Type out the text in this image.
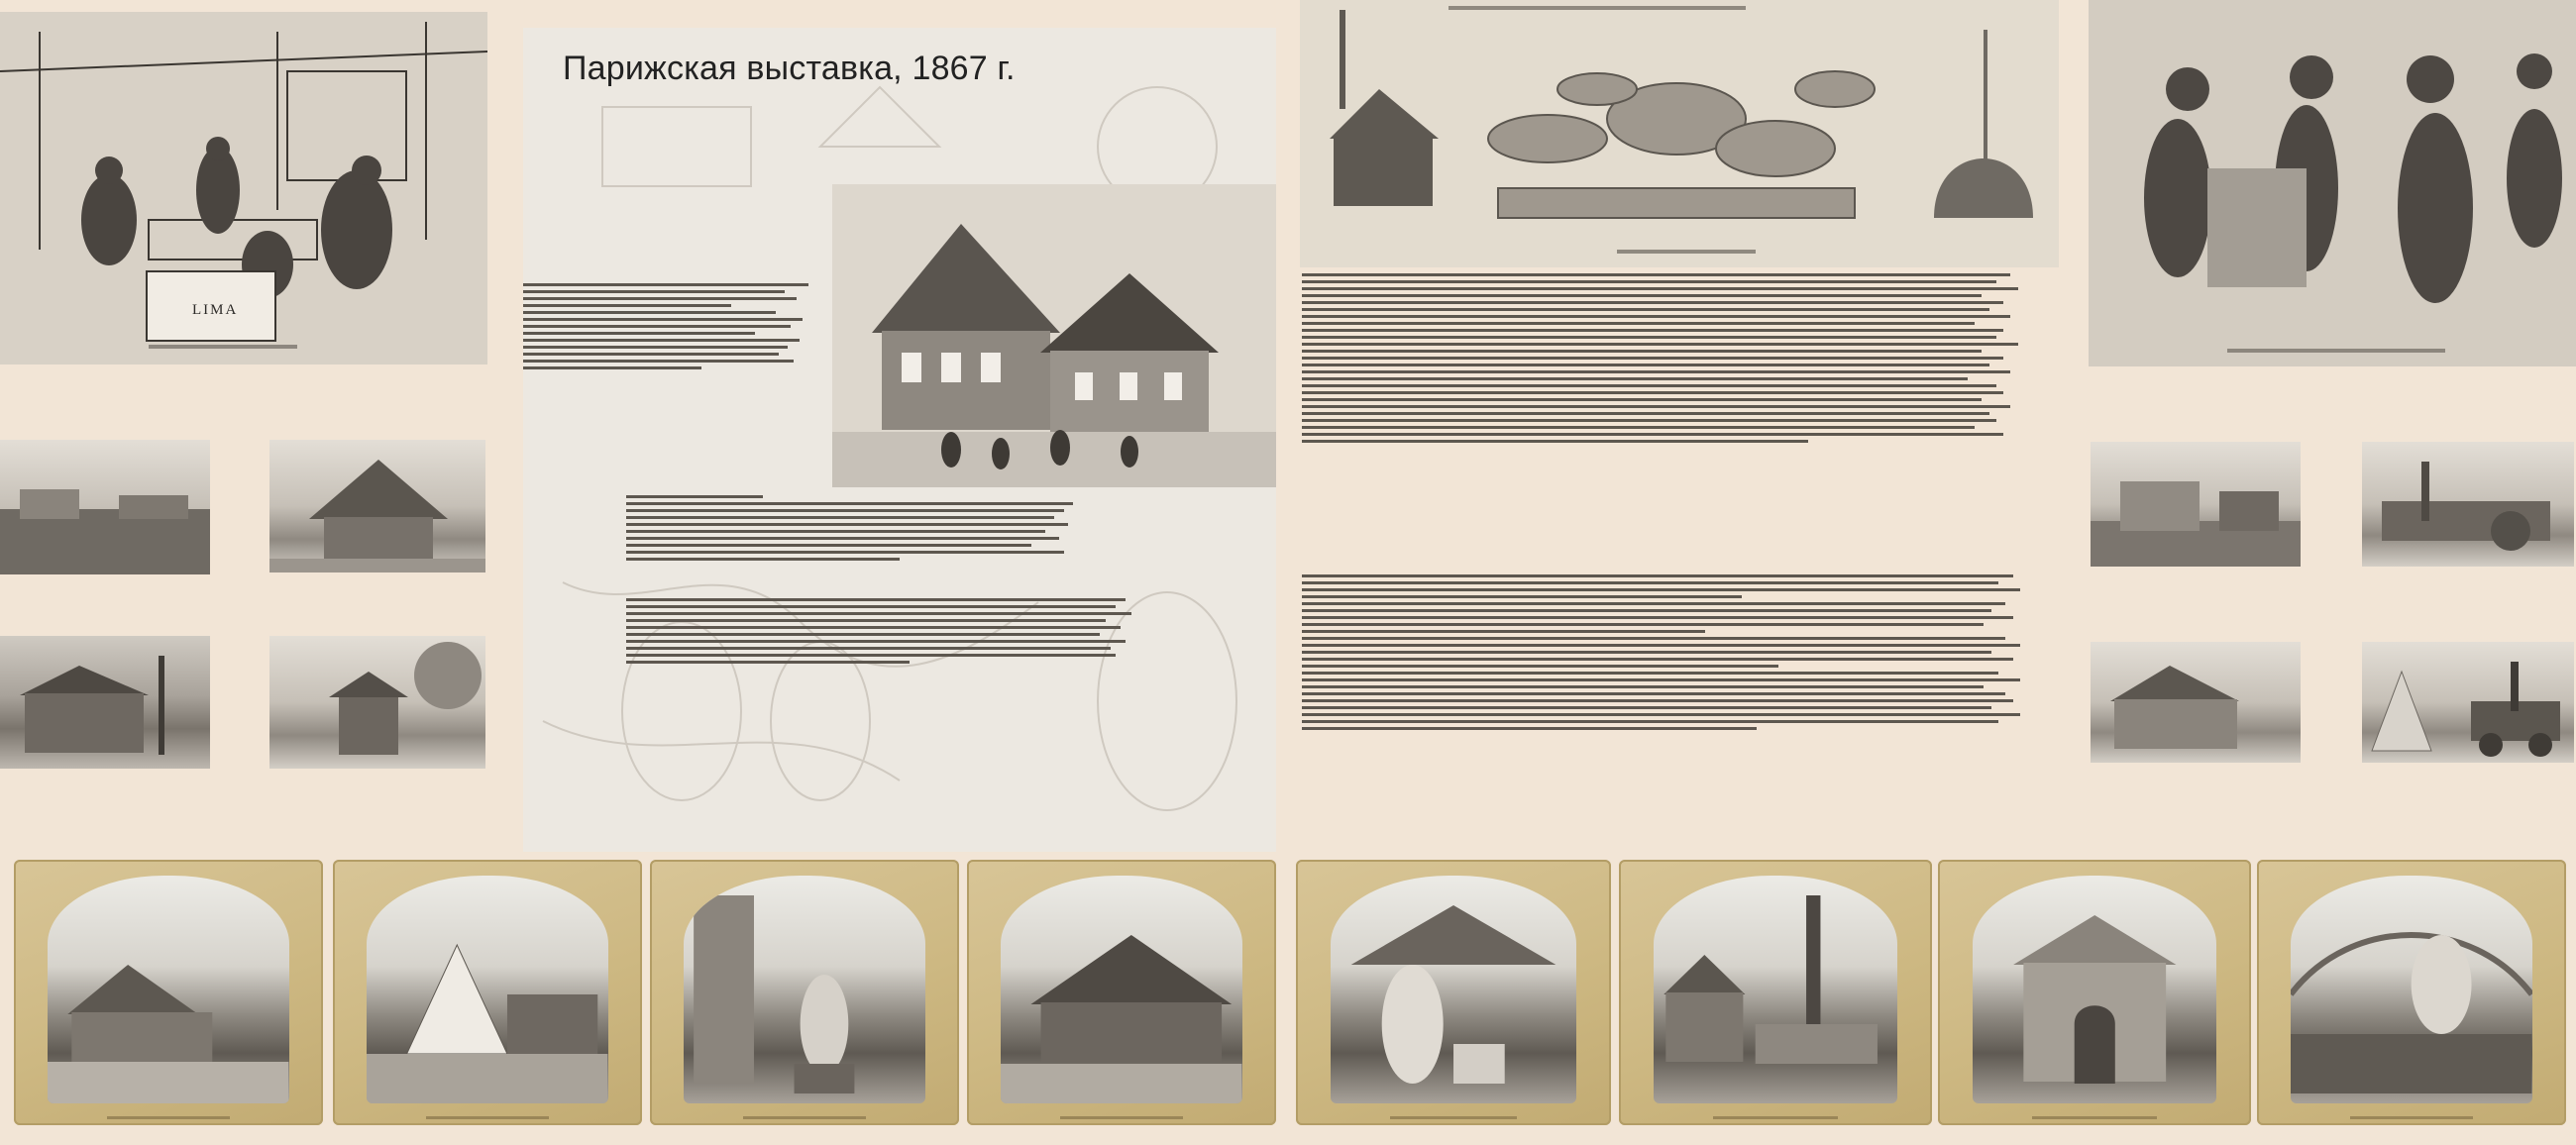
LIMA
Парижская выставка, 1867 г.
